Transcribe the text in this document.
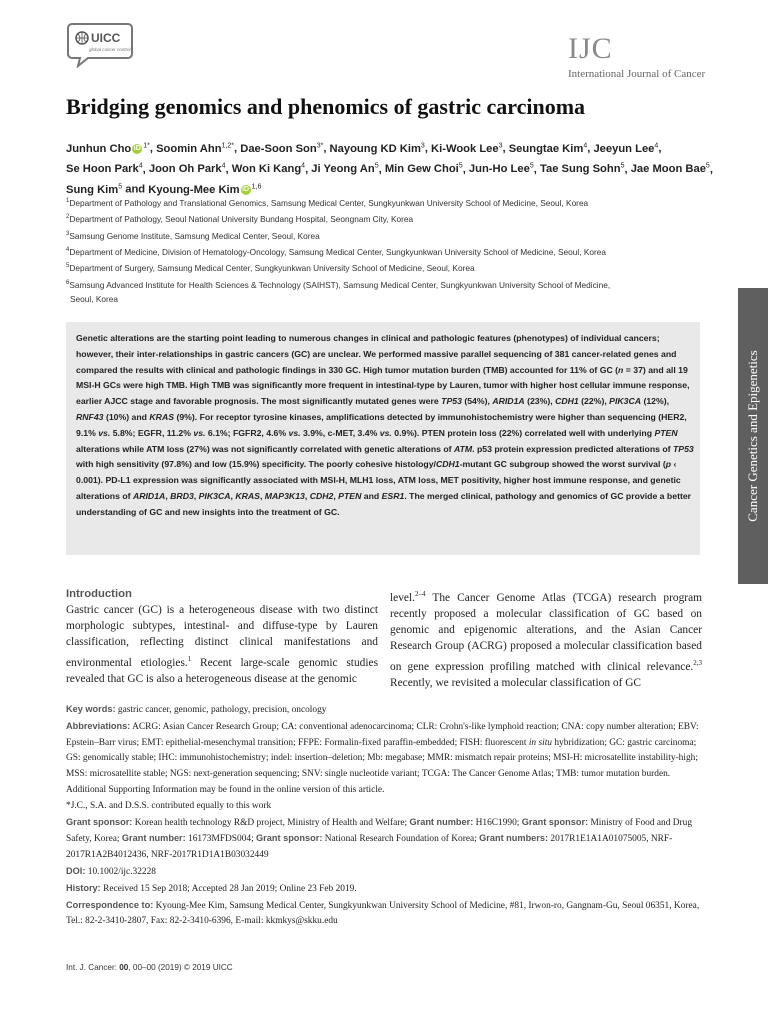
UICC
global cancer control	IJC
International Journal of Cancer
Bridging genomics and phenomics of gastric carcinoma
Junhun Cho iD $^{1*}$, Soomin Ahn$^{1,2*}$, Dae-Soon Son$^{3*}$, Nayoung KD Kim$^3$, Ki-Wook Lee$^3$, Seungtae Kim$^4$, Jeeyun Lee$^4$, Se Hoon Park$^4$, Joon Oh Park$^4$, Won Ki Kang$^4$, Ji Yeong An$^5$, Min Gew Choi$^5$, Jun-Ho Lee$^5$, Tae Sung Sohn$^5$, Jae Moon Bae$^5$, Sung Kim$^5$ and Kyoung-Mee Kim iD $^{1,6}$
$^1$Department of Pathology and Translational Genomics, Samsung Medical Center, Sungkyunkwan University School of Medicine, Seoul, Korea
$^2$Department of Pathology, Seoul National University Bundang Hospital, Seongnam City, Korea
$^3$Samsung Genome Institute, Samsung Medical Center, Seoul, Korea
$^4$Department of Medicine, Division of Hematology-Oncology, Samsung Medical Center, Sungkyunkwan University School of Medicine, Seoul, Korea
$^5$Department of Surgery, Samsung Medical Center, Sungkyunkwan University School of Medicine, Seoul, Korea
$^6$Samsung Advanced Institute for Health Sciences & Technology (SAIHST), Samsung Medical Center, Sungkyunkwan University School of Medicine,
Seoul, Korea
Genetic alterations are the starting point leading to numerous changes in clinical and pathologic features (phenotypes) of individual cancers; however, their inter-relationships in gastric cancers (GC) are unclear. We performed massive parallel sequencing of 381 cancer-related genes and compared the results with clinical and pathologic findings in 330 GC. High tumor mutation burden (TMB) accounted for 11% of GC (n = 37) and all 19 MSI-H GCs were high TMB. High TMB was significantly more frequent in intestinal-type by Lauren, tumor with higher host cellular immune response, earlier AJCC stage and favorable prognosis. The most significantly mutated genes were TP53 (54%), ARID1A (23%), CDH1 (22%), PIK3CA (12%), RNF43 (10%) and KRAS (9%). For receptor tyrosine kinases, amplifications detected by immunohistochemistry were higher than sequencing (HER2, 9.1% vs. 5.8%; EGFR, 11.2% vs. 6.1%; FGFR2, 4.6% vs. 3.9%, c-MET, 3.4% vs. 0.9%). PTEN protein loss (22%) correlated well with underlying PTEN alterations while ATM loss (27%) was not significantly correlated with genetic alterations of ATM. p53 protein expression predicted alterations of TP53 with high sensitivity (97.8%) and low (15.9%) specificity. The poorly cohesive histology/CDH1-mutant GC subgroup showed the worst survival (p ‹ 0.001). PD-L1 expression was significantly associated with MSI-H, MLH1 loss, ATM loss, MET positivity, higher host immune response, and genetic alterations of ARID1A, BRD3, PIK3CA, KRAS, MAP3K13, CDH2, PTEN and ESR1. The merged clinical, pathology and genomics of GC provide a better understanding of GC and new insights into the treatment of GC.	Cancer Genetics and Epigenetics
Introduction
Gastric cancer (GC) is a heterogeneous disease with two distinct morphologic subtypes, intestinal- and diffuse-type by Lauren classification, reflecting distinct clinical manifestations and environmental etiologies.$^1$ Recent large-scale genomic studies revealed that GC is also a heterogeneous disease at the genomic
level.$^{2-4}$ The Cancer Genome Atlas (TCGA) research program recently proposed a molecular classification of GC based on genomic and epigenomic alterations, and the Asian Cancer Research Group (ACRG) proposed a molecular classification based on gene expression profiling matched with clinical relevance.$^{2,3}$ Recently, we revisited a molecular classification of GC
Key words: gastric cancer, genomic, pathology, precision, oncology
Abbreviations: ACRG: Asian Cancer Research Group; CA: conventional adenocarcinoma; CLR: Crohn's-like lymphoid reaction; CNA: copy number alteration; EBV: Epstein–Barr virus; EMT: epithelial-mesenchymal transition; FFPE: Formalin-fixed paraffin-embedded; FISH: fluorescent in situ hybridization; GC: gastric carcinoma; GS: genomically stable; IHC: immunohistochemistry; indel: insertion–deletion; Mb: megabase; MMR: mismatch repair proteins; MSI-H: microsatellite instability-high; MSS: microsatellite stable; NGS: next-generation sequencing; SNV: single nucleotide variant; TCGA: The Cancer Genome Atlas; TMB: tumor mutation burden.
Additional Supporting Information may be found in the online version of this article.
*J.C., S.A. and D.S.S. contributed equally to this work
Grant sponsor: Korean health technology R&D project, Ministry of Health and Welfare; Grant number: H16C1990; Grant sponsor: Ministry of Food and Drug Safety, Korea; Grant number: 16173MFDS004; Grant sponsor: National Research Foundation of Korea; Grant numbers: 2017R1E1A1A01075005, NRF-2017R1A2B4012436, NRF-2017R1D1A1B03032449
DOI: 10.1002/ijc.32228
History: Received 15 Sep 2018; Accepted 28 Jan 2019; Online 23 Feb 2019.
Correspondence to: Kyoung-Mee Kim, Samsung Medical Center, Sungkyunkwan University School of Medicine, #81, Irwon-ro, Gangnam-Gu, Seoul 06351, Korea, Tel.: 82-2-3410-2807, Fax: 82-2-3410-6396, E-mail: kkmkys@skku.edu
Int. J. Cancer: 00, 00–00 (2019) © 2019 UICC
